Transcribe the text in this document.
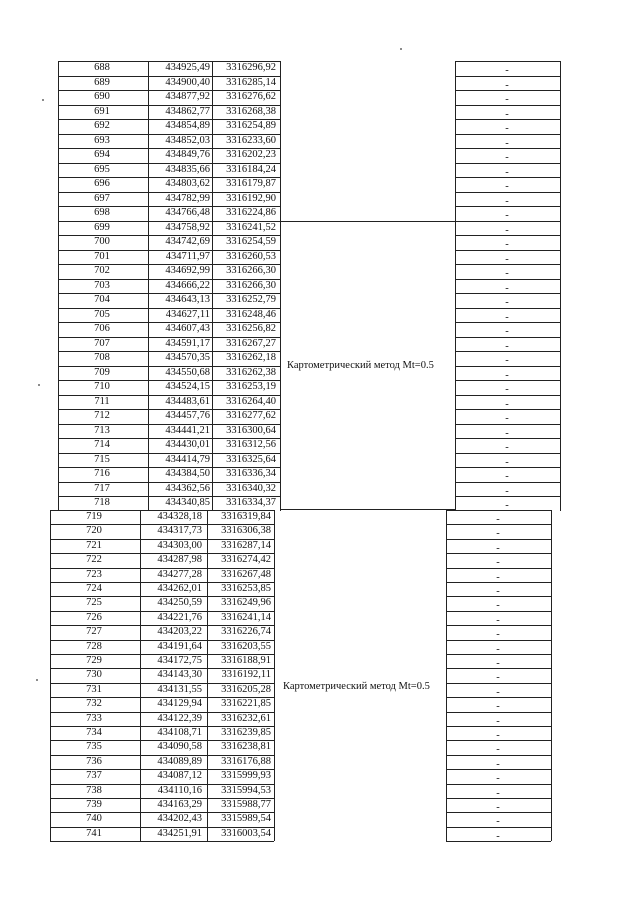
688	434925,49	3316296,92	-
689	434900,40	3316285,14	-
690	434877,92	3316276,62	-
691	434862,77	3316268,38	-
692	434854,89	3316254,89	-
693	434852,03	3316233,60	-
694	434849,76	3316202,23	-
695	434835,66	3316184,24	-
696	434803,62	3316179,87	-
697	434782,99	3316192,90	-
698	434766,48	3316224,86	-
699	434758,92	3316241,52	-
700	434742,69	3316254,59	-
701	434711,97	3316260,53	-
702	434692,99	3316266,30	-
703	434666,22	3316266,30	-
704	434643,13	3316252,79	-
705	434627,11	3316248,46	-
706	434607,43	3316256,82	-
707	434591,17	3316267,27	-
708	434570,35	3316262,18	-
709	434550,68	3316262,38	-
710	434524,15	3316253,19	-
711	434483,61	3316264,40	-
712	434457,76	3316277,62	-
713	434441,21	3316300,64	-
714	434430,01	3316312,56	-
715	434414,79	3316325,64	-
716	434384,50	3316336,34	-
717	434362,56	3316340,32	-
718	434340,85	3316334,37	-
719	434328,18	3316319,84	-
720	434317,73	3316306,38	-
721	434303,00	3316287,14	-
722	434287,98	3316274,42	-
723	434277,28	3316267,48	-
724	434262,01	3316253,85	-
725	434250,59	3316249,96	-
726	434221,76	3316241,14	-
727	434203,22	3316226,74	-
728	434191,64	3316203,55	-
729	434172,75	3316188,91	-
730	434143,30	3316192,11	-
731	434131,55	3316205,28	-
732	434129,94	3316221,85	-
733	434122,39	3316232,61	-
734	434108,71	3316239,85	-
735	434090,58	3316238,81	-
736	434089,89	3316176,88	-
737	434087,12	3315999,93	-
738	434110,16	3315994,53	-
739	434163,29	3315988,77	-
740	434202,43	3315989,54	-
741	434251,91	3316003,54	-
Картометрический метод Mt=0.5
Картометрический метод Mt=0.5
